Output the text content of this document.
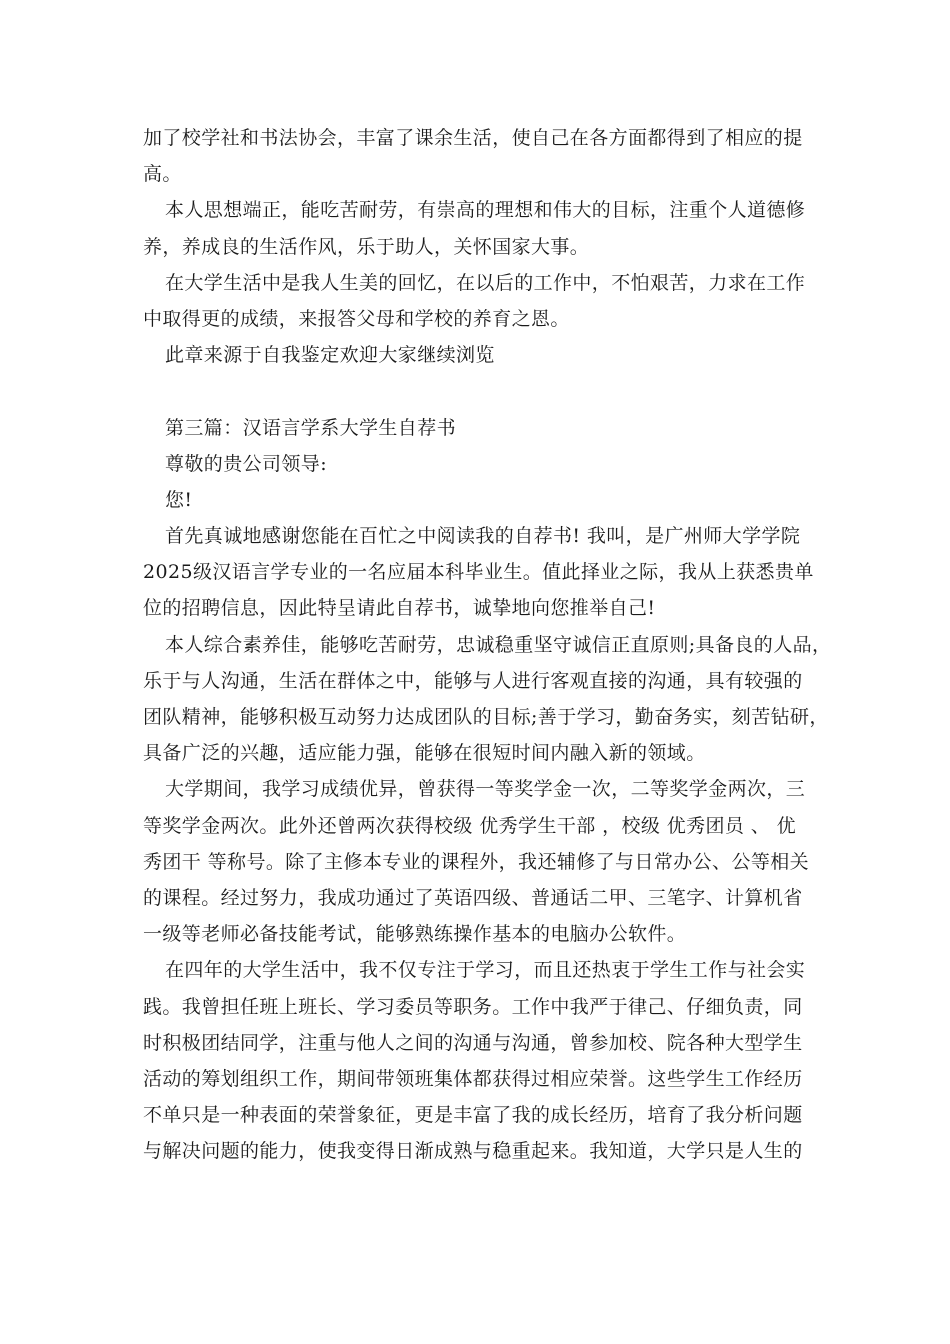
加了校学社和书法协会，丰富了课余生活，使自己在各方面都得到了相应的提
高。
本人思想端正，能吃苦耐劳，有崇高的理想和伟大的目标，注重个人道德修
养，养成良的生活作风，乐于助人，关怀国家大事。
在大学生活中是我人生美的回忆，在以后的工作中，不怕艰苦，力求在工作
中取得更的成绩，来报答父母和学校的养育之恩。
此章来源于自我鉴定欢迎大家继续浏览
第三篇：汉语言学系大学生自荐书
尊敬的贵公司领导:
您!
首先真诚地感谢您能在百忙之中阅读我的自荐书! 我叫，是广州师大学学院
2025级汉语言学专业的一名应届本科毕业生。值此择业之际，我从上获悉贵单
位的招聘信息，因此特呈请此自荐书，诚挚地向您推举自己!
本人综合素养佳，能够吃苦耐劳，忠诚稳重坚守诚信正直原则;具备良的人品，
乐于与人沟通，生活在群体之中，能够与人进行客观直接的沟通，具有较强的
团队精神，能够积极互动努力达成团队的目标;善于学习，勤奋务实，刻苦钻研，
具备广泛的兴趣，适应能力强，能够在很短时间内融入新的领域。
大学期间，我学习成绩优异，曾获得一等奖学金一次，二等奖学金两次，三
等奖学金两次。此外还曾两次获得校级 优秀学生干部 ，校级 优秀团员 、 优
秀团干 等称号。除了主修本专业的课程外，我还辅修了与日常办公、公等相关
的课程。经过努力，我成功通过了英语四级、普通话二甲、三笔字、计算机省
一级等老师必备技能考试，能够熟练操作基本的电脑办公软件。
在四年的大学生活中，我不仅专注于学习，而且还热衷于学生工作与社会实
践。我曾担任班上班长、学习委员等职务。工作中我严于律己、仔细负责，同
时积极团结同学，注重与他人之间的沟通与沟通，曾参加校、院各种大型学生
活动的筹划组织工作，期间带领班集体都获得过相应荣誉。这些学生工作经历
不单只是一种表面的荣誉象征，更是丰富了我的成长经历，培育了我分析问题
与解决问题的能力，使我变得日渐成熟与稳重起来。我知道，大学只是人生的
